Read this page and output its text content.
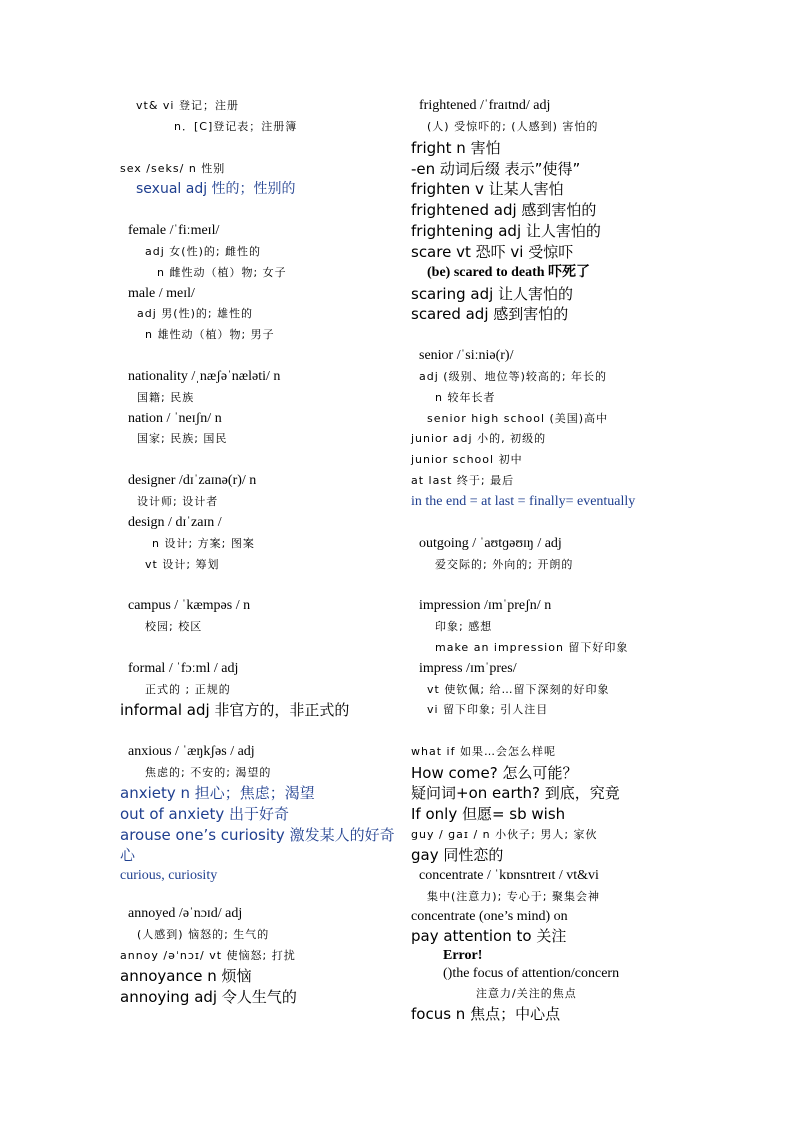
vt& vi 登记；注册
n．[C]登记表；注册簿
sex /seks/ n 性别
sexual adj 性的；性别的
female /ˈfiːmeɪl/
adj 女(性)的; 雌性的
n 雌性动（植）物; 女子
male / meɪl/
adj 男(性)的; 雄性的
n 雄性动（植）物; 男子
nationality /ˌnæʃəˈnæləti/ n
国籍; 民族
nation / ˈneɪʃn/ n
国家; 民族; 国民
designer /dɪˈzaɪnə(r)/ n
设计师; 设计者
design / dɪˈzaɪn /
n 设计; 方案; 图案
vt 设计; 筹划
campus / ˈkæmpəs / n
校园; 校区
formal / ˈfɔːml / adj
正式的 ; 正规的
informal adj 非官方的，非正式的
anxious / ˈæŋkʃəs / adj
焦虑的; 不安的; 渴望的
anxiety n 担心；焦虑；渴望
out of anxiety 出于好奇
arouse one’s curiosity 激发某人的好奇
心
curious, curiosity
annoyed /əˈnɔɪd/ adj
(人感到) 恼怒的; 生气的
annoy /əˈnɔɪ/ vt 使恼怒; 打扰
annoyance n 烦恼
annoying adj 令人生气的
frightened /ˈfraɪtnd/ adj
(人) 受惊吓的; (人感到) 害怕的
fright n 害怕
-en 动词后缀 表示”使得”
frighten v 让某人害怕
frightened adj 感到害怕的
frightening adj 让人害怕的
scare vt 恐吓 vi 受惊吓
(be) scared to death 吓死了
scaring adj 让人害怕的
scared adj 感到害怕的
senior /ˈsiːniə(r)/
adj (级别、地位等)较高的; 年长的
n 较年长者
senior high school (美国)高中
junior adj 小的, 初级的
junior school 初中
at last 终于; 最后
in the end = at last = finally= eventually
outgoing / ˈaʊtɡəʊɪŋ / adj
爱交际的; 外向的; 开朗的
impression /ɪmˈpreʃn/ n
印象; 感想
make an impression 留下好印象
impress /ɪmˈpres/
vt 使钦佩; 给…留下深刻的好印象
vi 留下印象; 引人注目
what if 如果…会怎么样呢
How come? 怎么可能？
疑问词+on earth? 到底，究竟
If only 但愿= sb wish
guy / ɡaɪ / n 小伙子; 男人; 家伙
gay 同性恋的
concentrate / ˈkɒnsntreɪt / vt&vi
集中(注意力); 专心于; 聚集会神
concentrate (one’s mind) on
pay attention to 关注
Error!
()the focus of attention/concern
注意力/关注的焦点
focus n 焦点；中心点
